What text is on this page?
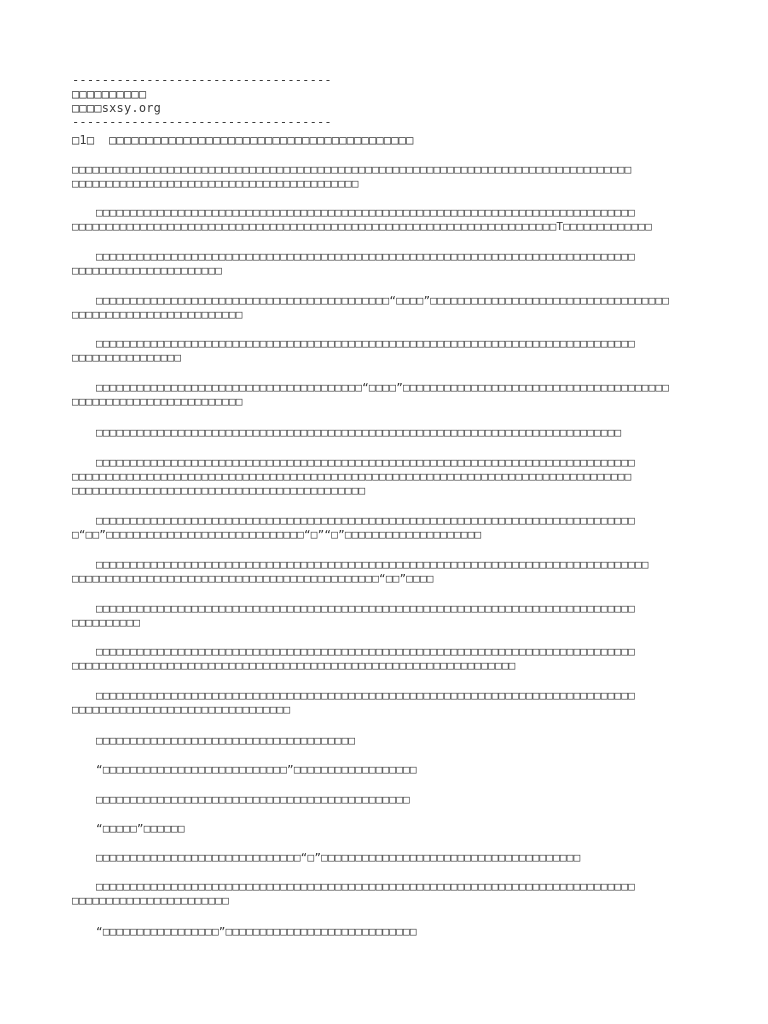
-----------------------------------
□□□□□□□□□□
□□□□sxsy.org
-----------------------------------
□1□  □□□□□□□□□□□□□□□□□□□□□□□□□□□□□□□□□□□□□□□□□
□□□□□□□□□□□□□□□□□□□□□□□□□□□□□□□□□□□□□□□□□□□□□□□□□□□□□□□□□□□□□□□□□□□□□□□□□□□□□□□□□□
□□□□□□□□□□□□□□□□□□□□□□□□□□□□□□□□□□□□□□□□□□
□□□□□□□□□□□□□□□□□□□□□□□□□□□□□□□□□□□□□□□□□□□□□□□□□□□□□□□□□□□□□□□□□□□□□□□□□□□□□□□
□□□□□□□□□□□□□□□□□□□□□□□□□□□□□□□□□□□□□□□□□□□□□□□□□□□□□□□□□□□□□□□□□□□□□□□T□□□□□□□□□□□□□
□□□□□□□□□□□□□□□□□□□□□□□□□□□□□□□□□□□□□□□□□□□□□□□□□□□□□□□□□□□□□□□□□□□□□□□□□□□□□□□
□□□□□□□□□□□□□□□□□□□□□□
□□□□□□□□□□□□□□□□□□□□□□□□□□□□□□□□□□□□□□□□□□□“□□□□”□□□□□□□□□□□□□□□□□□□□□□□□□□□□□□□□□□□
□□□□□□□□□□□□□□□□□□□□□□□□□
□□□□□□□□□□□□□□□□□□□□□□□□□□□□□□□□□□□□□□□□□□□□□□□□□□□□□□□□□□□□□□□□□□□□□□□□□□□□□□□
□□□□□□□□□□□□□□□□
□□□□□□□□□□□□□□□□□□□□□□□□□□□□□□□□□□□□□□□“□□□□”□□□□□□□□□□□□□□□□□□□□□□□□□□□□□□□□□□□□□□□
□□□□□□□□□□□□□□□□□□□□□□□□□
□□□□□□□□□□□□□□□□□□□□□□□□□□□□□□□□□□□□□□□□□□□□□□□□□□□□□□□□□□□□□□□□□□□□□□□□□□□□□
□□□□□□□□□□□□□□□□□□□□□□□□□□□□□□□□□□□□□□□□□□□□□□□□□□□□□□□□□□□□□□□□□□□□□□□□□□□□□□□
□□□□□□□□□□□□□□□□□□□□□□□□□□□□□□□□□□□□□□□□□□□□□□□□□□□□□□□□□□□□□□□□□□□□□□□□□□□□□□□□□□
□□□□□□□□□□□□□□□□□□□□□□□□□□□□□□□□□□□□□□□□□□□
□□□□□□□□□□□□□□□□□□□□□□□□□□□□□□□□□□□□□□□□□□□□□□□□□□□□□□□□□□□□□□□□□□□□□□□□□□□□□□□
□“□□”□□□□□□□□□□□□□□□□□□□□□□□□□□□□□“□”“□”□□□□□□□□□□□□□□□□□□□□
□□□□□□□□□□□□□□□□□□□□□□□□□□□□□□□□□□□□□□□□□□□□□□□□□□□□□□□□□□□□□□□□□□□□□□□□□□□□□□□□□
□□□□□□□□□□□□□□□□□□□□□□□□□□□□□□□□□□□□□□□□□□□□□“□□”□□□□
□□□□□□□□□□□□□□□□□□□□□□□□□□□□□□□□□□□□□□□□□□□□□□□□□□□□□□□□□□□□□□□□□□□□□□□□□□□□□□□
□□□□□□□□□□
□□□□□□□□□□□□□□□□□□□□□□□□□□□□□□□□□□□□□□□□□□□□□□□□□□□□□□□□□□□□□□□□□□□□□□□□□□□□□□□
□□□□□□□□□□□□□□□□□□□□□□□□□□□□□□□□□□□□□□□□□□□□□□□□□□□□□□□□□□□□□□□□□
□□□□□□□□□□□□□□□□□□□□□□□□□□□□□□□□□□□□□□□□□□□□□□□□□□□□□□□□□□□□□□□□□□□□□□□□□□□□□□□
□□□□□□□□□□□□□□□□□□□□□□□□□□□□□□□□
□□□□□□□□□□□□□□□□□□□□□□□□□□□□□□□□□□□□□□
“□□□□□□□□□□□□□□□□□□□□□□□□□□□”□□□□□□□□□□□□□□□□□□
□□□□□□□□□□□□□□□□□□□□□□□□□□□□□□□□□□□□□□□□□□□□□□
“□□□□□”□□□□□□
□□□□□□□□□□□□□□□□□□□□□□□□□□□□□□“□”□□□□□□□□□□□□□□□□□□□□□□□□□□□□□□□□□□□□□□
□□□□□□□□□□□□□□□□□□□□□□□□□□□□□□□□□□□□□□□□□□□□□□□□□□□□□□□□□□□□□□□□□□□□□□□□□□□□□□□
□□□□□□□□□□□□□□□□□□□□□□□
“□□□□□□□□□□□□□□□□□”□□□□□□□□□□□□□□□□□□□□□□□□□□□□
